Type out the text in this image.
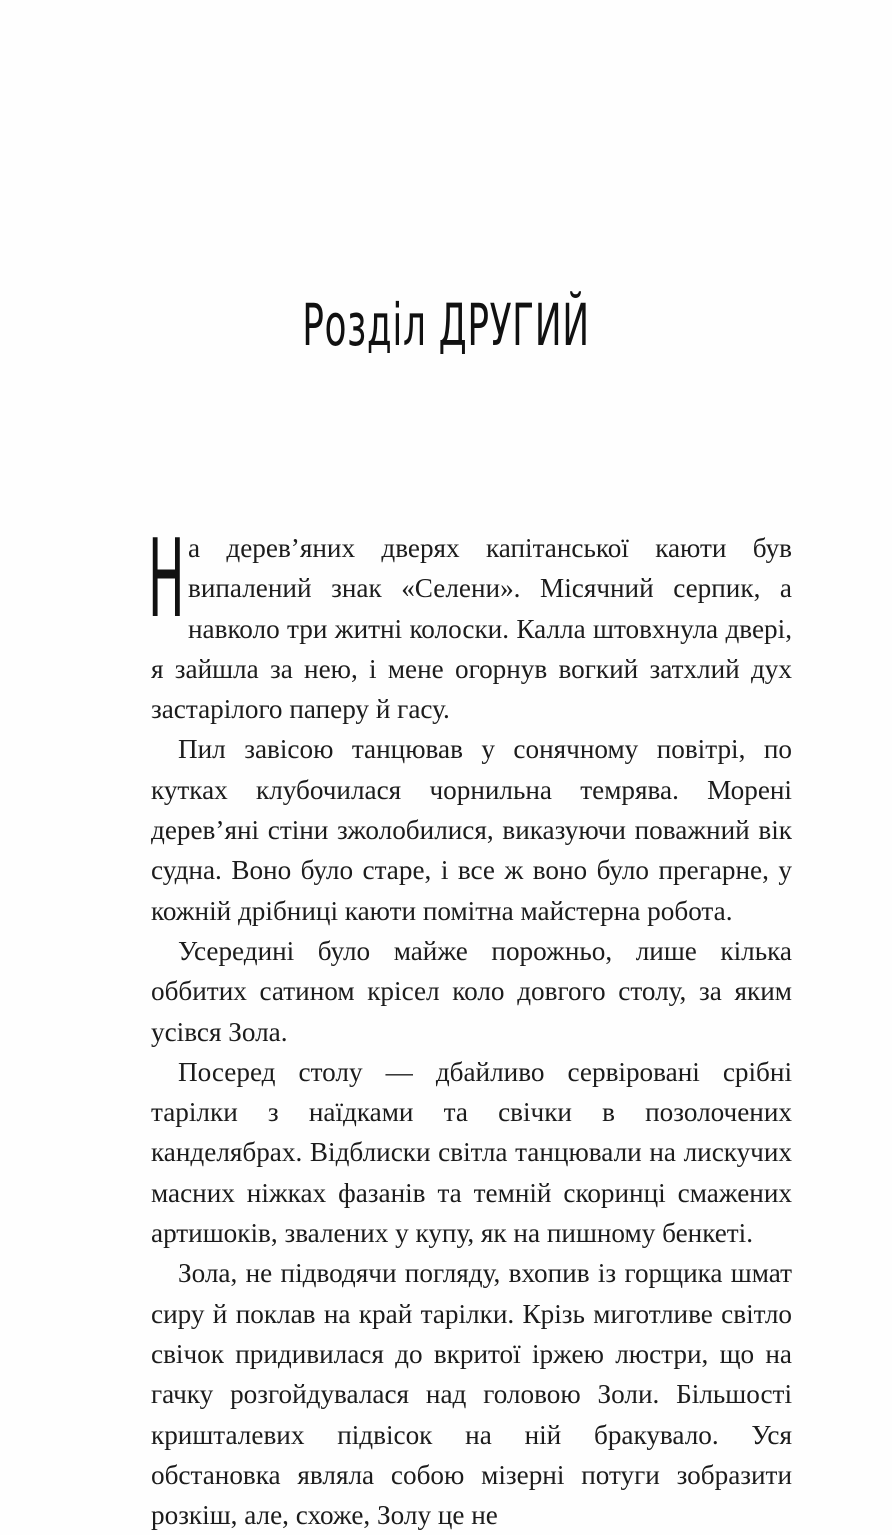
Розділ ДРУГИЙ

На дерев’яних дверях капітанської каюти був випалений знак «Селени». Місячний серпик, а навколо три житні колоски. Калла штовхнула двері, я зайшла за нею, і мене огорнув вогкий затхлий дух застарілого паперу й гасу.

Пил завісою танцював у сонячному повітрі, по кутках клубочилася чорнильна темрява. Морені дерев’яні стіни зжолобилися, виказуючи поважний вік судна. Воно було старе, і все ж воно було прегарне, у кожній дрібниці каюти помітна майстерна робота.

Усередині було майже порожньо, лише кілька оббитих сатином крісел коло довгого столу, за яким усівся Зола.

Посеред столу — дбайливо сервіровані срібні тарілки з наїдками та свічки в позолочених канделябрах. Відблиски світла танцювали на лискучих масних ніжках фазанів та темній скоринці смажених артишоків, звалених у купу, як на пишному бенкеті.

Зола, не підводячи погляду, вхопив із горщика шмат сиру й поклав на край тарілки. Крізь миготливе світло свічок придивилася до вкритої іржею люстри, що на гачку розгойдувалася над головою Золи. Більшості кришталевих підвісок на ній бракувало. Уся обстановка являла собою мізерні потуги зобразити розкіш, але, схоже, Золу це не
